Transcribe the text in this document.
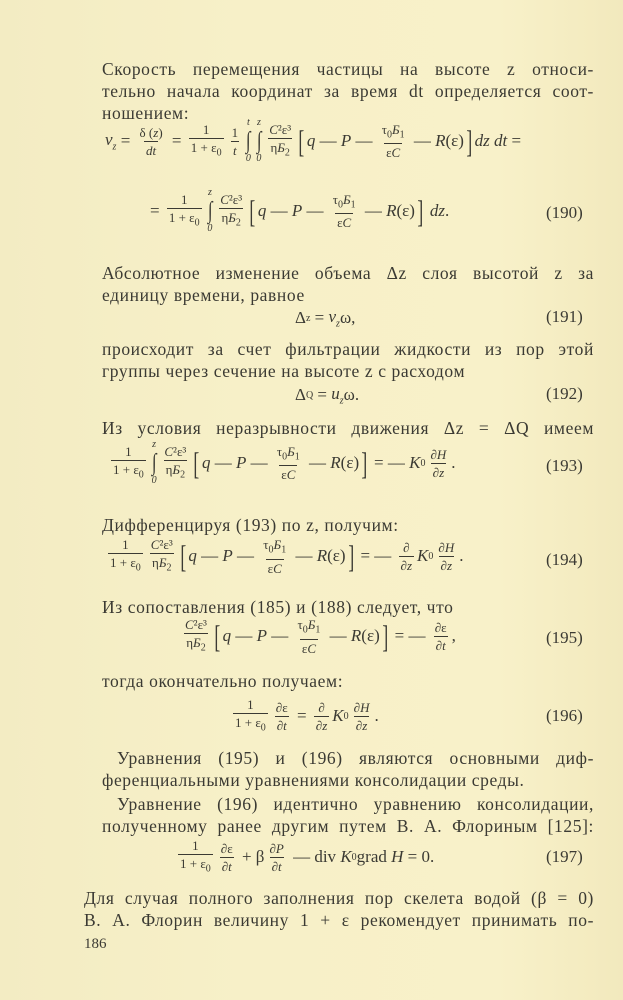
Скорость перемещения частицы на высоте z относи-
тельно начала координат за время dt определяется соот-
ношением:
$v_z = \frac{\delta (z)}{dt} = \frac{1}{1 + \varepsilon_0} \frac{1}{t}$
t
∫
0
z
∫
$0 \frac{\text{C²ε³}}{\eta Б_2}$ [ q — P — $\frac{\tau_0Б_1}{\varepsilon C}$ — R (ε) ] dz dt =
= $\frac{1}{1 + \varepsilon_0}$ z
∫
$0 \frac{\text{C²ε³}}{\eta Б_2}$ [ q — P — $\frac{\tau_0Б_1}{\varepsilon C}$ — R (ε) ]
dz .	(190)
Абсолютное изменение объема Δz слоя высотой z за
единицу времени, равное
Δ $z = v_z$ ω,	(191)
происходит за счет фильтрации жидкости из пор этой
группы через сечение на высоте z с расходом
Δ $Q = u_z$ ω.	(192)
Из условия неразрывности движения Δz = ΔQ имеем
$\frac{1}{1 + \varepsilon_0}$ z
∫
$0 \frac{\text{C²ε³}}{\eta Б_2}$ [ q — P — $\frac{\tau_0Б_1}{\varepsilon C}$ — R (ε) ] = — K $0 \frac{\partial H}{\partial z}$ .	(193)
Дифференцируя (193) по z, получим:
$\frac{1}{1 + \varepsilon_0} \frac{\text{C²ε³}}{\eta Б_2}$ [ q — P — $\frac{\tau_0Б_1}{\varepsilon C}$ — R (ε) ] = — $\frac{\partial}{\partial z}$ K $0 \frac{\partial H}{\partial z}$ .	(194)
Из сопоставления (185) и (188) следует, что
$\frac{\text{C²ε³}}{\eta Б_2}$ [ q — P — $\frac{\tau_0Б_1}{\varepsilon C}$ — R (ε) ] = — $\frac{\partial\varepsilon}{\partial t}$ ,	(195)
тогда окончательно получаем:
$\frac{1}{1 + \varepsilon_0} \frac{\partial\varepsilon}{\partial t} = \frac{\partial}{\partial z}$ K $0 \frac{\partial H}{\partial z}$ .	(196)
Уравнения (195) и (196) являются основными диф-
ференциальными уравнениями консолидации среды.
Уравнение (196) идентично уравнению консолидации,
полученному ранее другим путем В. А. Флориным [125]:
$\frac{1}{1 + \varepsilon_0} \frac{\partial\varepsilon}{\partial t} + \beta \frac{\partial P}{\partial t}$ — div K 0 grad H = 0.	(197)
Для случая полного заполнения пор скелета водой (β = 0)
В. А. Флорин величину 1 + ε рекомендует принимать по-
186
